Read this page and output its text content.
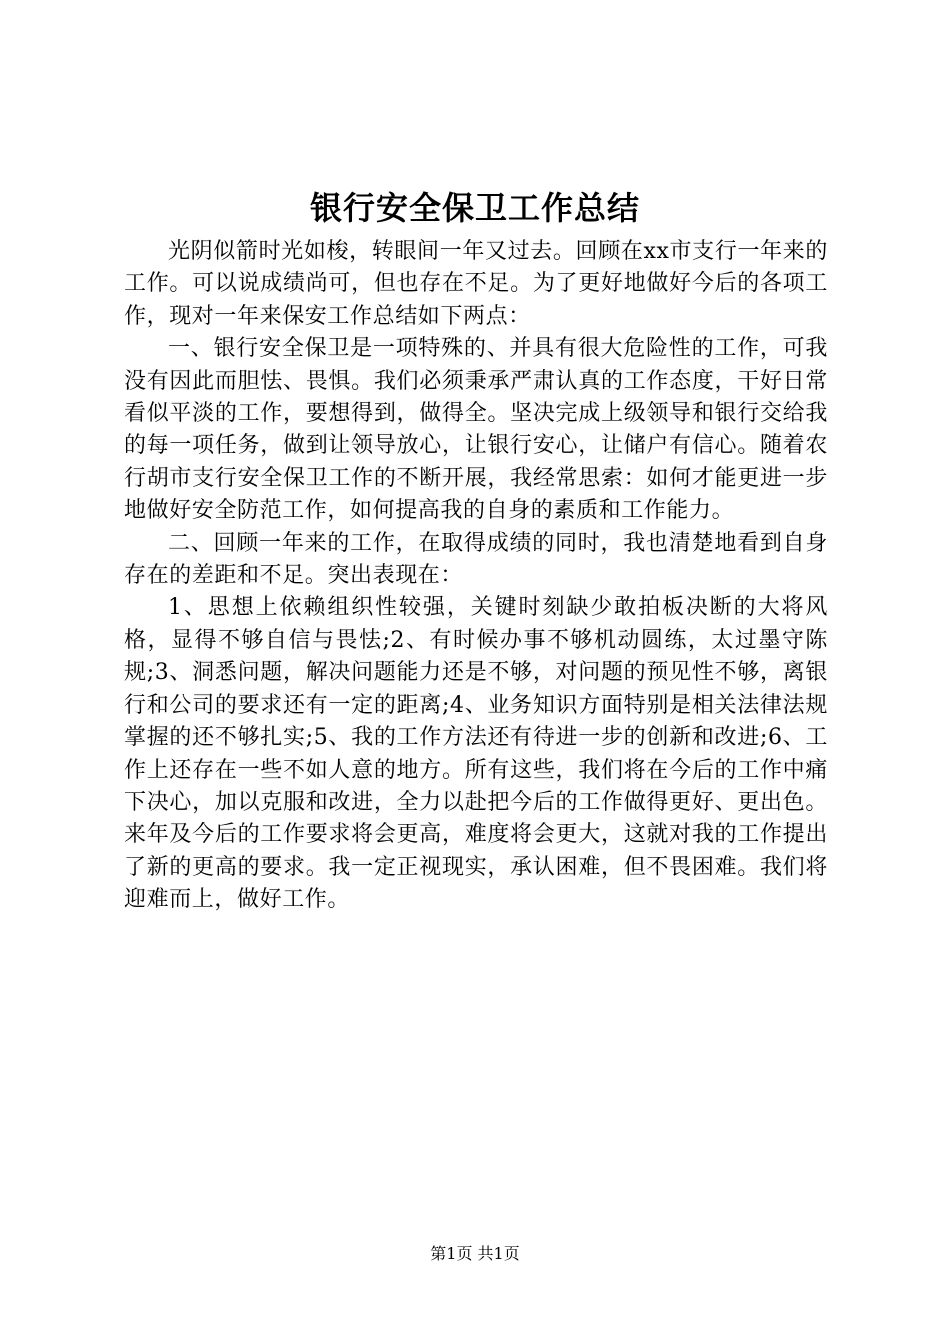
银行安全保卫工作总结

光阴似箭时光如梭，转眼间一年又过去。回顾在xx市支行一年来的工作。可以说成绩尚可，但也存在不足。为了更好地做好今后的各项工作，现对一年来保安工作总结如下两点：

一、银行安全保卫是一项特殊的、并具有很大危险性的工作，可我没有因此而胆怯、畏惧。我们必须秉承严肃认真的工作态度，干好日常看似平淡的工作，要想得到，做得全。坚决完成上级领导和银行交给我的每一项任务，做到让领导放心，让银行安心，让储户有信心。随着农行胡市支行安全保卫工作的不断开展，我经常思索：如何才能更进一步地做好安全防范工作，如何提高我的自身的素质和工作能力。

二、回顾一年来的工作，在取得成绩的同时，我也清楚地看到自身存在的差距和不足。突出表现在：

1、思想上依赖组织性较强，关键时刻缺少敢拍板决断的大将风格，显得不够自信与畏怯;2、有时候办事不够机动圆练，太过墨守陈规;3、洞悉问题，解决问题能力还是不够，对问题的预见性不够，离银行和公司的要求还有一定的距离;4、业务知识方面特别是相关法律法规掌握的还不够扎实;5、我的工作方法还有待进一步的创新和改进;6、工作上还存在一些不如人意的地方。所有这些，我们将在今后的工作中痛下决心，加以克服和改进，全力以赴把今后的工作做得更好、更出色。来年及今后的工作要求将会更高，难度将会更大，这就对我的工作提出了新的更高的要求。我一定正视现实，承认困难，但不畏困难。我们将迎难而上，做好工作。

第1页 共1页
